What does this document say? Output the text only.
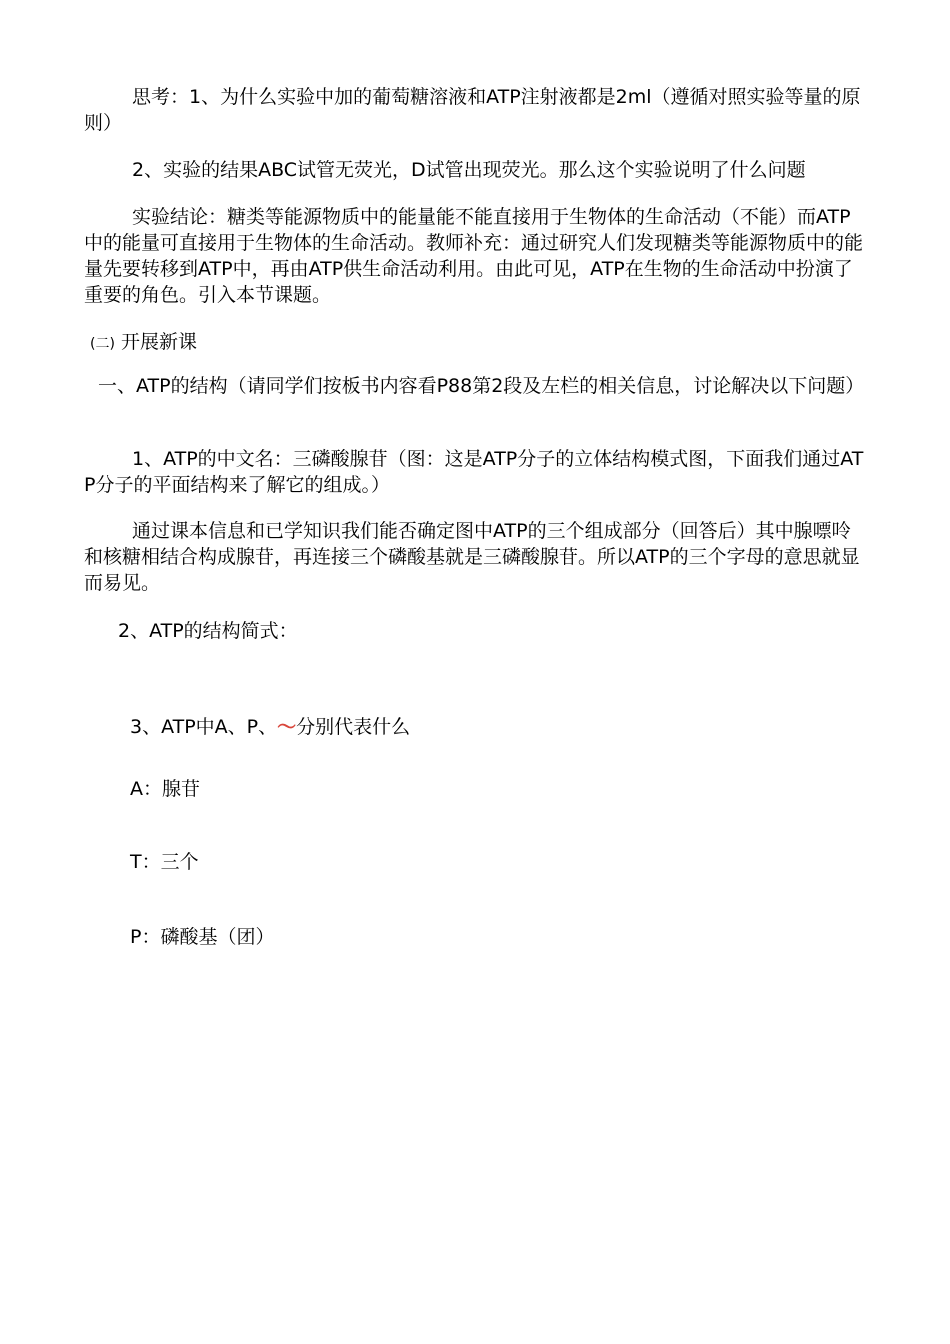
思考：1、为什么实验中加的葡萄糖溶液和ATP注射液都是2ml（遵循对照实验等量的原则）
2、实验的结果ABC试管无荧光，D试管出现荧光。那么这个实验说明了什么问题
实验结论：糖类等能源物质中的能量能不能直接用于生物体的生命活动（不能）而ATP中的能量可直接用于生物体的生命活动。教师补充：通过研究人们发现糖类等能源物质中的能量先要转移到ATP中，再由ATP供生命活动利用。由此可见，ATP在生物的生命活动中扮演了重要的角色。引入本节课题。
(二) 开展新课
一、ATP的结构（请同学们按板书内容看P88第2段及左栏的相关信息，讨论解决以下问题）
1、ATP的中文名：三磷酸腺苷（图：这是ATP分子的立体结构模式图，下面我们通过ATP分子的平面结构来了解它的组成。）
通过课本信息和已学知识我们能否确定图中ATP的三个组成部分（回答后）其中腺嘌呤和核糖相结合构成腺苷，再连接三个磷酸基就是三磷酸腺苷。所以ATP的三个字母的意思就显而易见。
2、ATP的结构简式：
3、ATP中A、P、～分别代表什么
A：腺苷
T：三个
P：磷酸基（团）
